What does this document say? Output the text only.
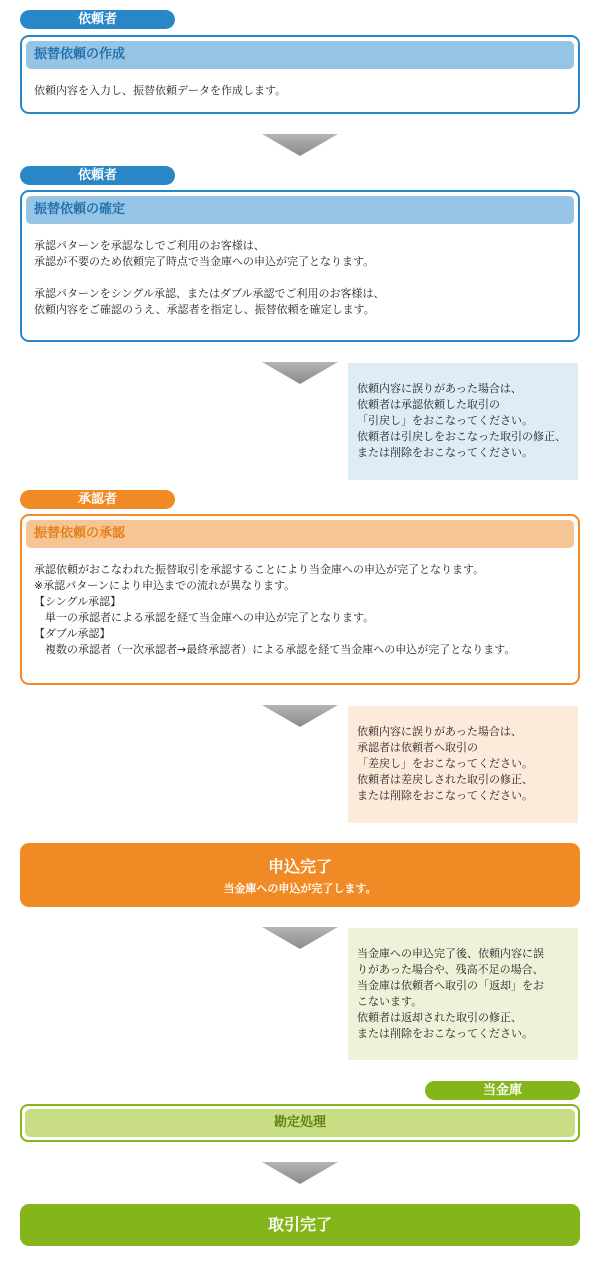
依頼者
振替依頼の作成

依頼内容を入力し、振替依頼データを作成します。

依頼者
振替依頼の確定

承認パターンを承認なしでご利用のお客様は、

承認が不要のため依頼完了時点で当金庫への申込が完了となります。

承認パターンをシングル承認、またはダブル承認でご利用のお客様は、

依頼内容をご確認のうえ、承認者を指定し、振替依頼を確定します。

依頼内容に誤りがあった場合は、

依頼者は承認依頼した取引の

「引戻し」をおこなってください。

依頼者は引戻しをおこなった取引の修正、

または削除をおこなってください。

承認者
振替依頼の承認

承認依頼がおこなわれた振替取引を承認することにより当金庫への申込が完了となります。

※承認パターンにより申込までの流れが異なります。

【シングル承認】

　単一の承認者による承認を経て当金庫への申込が完了となります。

【ダブル承認】

　複数の承認者（一次承認者→最終承認者）による承認を経て当金庫への申込が完了となります。

依頼内容に誤りがあった場合は、

承認者は依頼者へ取引の

「差戻し」をおこなってください。

依頼者は差戻しされた取引の修正、

または削除をおこなってください。

申込完了
当金庫への申込が完了します。

当金庫への申込完了後、依頼内容に誤

りがあった場合や、残高不足の場合、

当金庫は依頼者へ取引の「返却」をお

こないます。

依頼者は返却された取引の修正、

または削除をおこなってください。

当金庫
勘定処理
取引完了
